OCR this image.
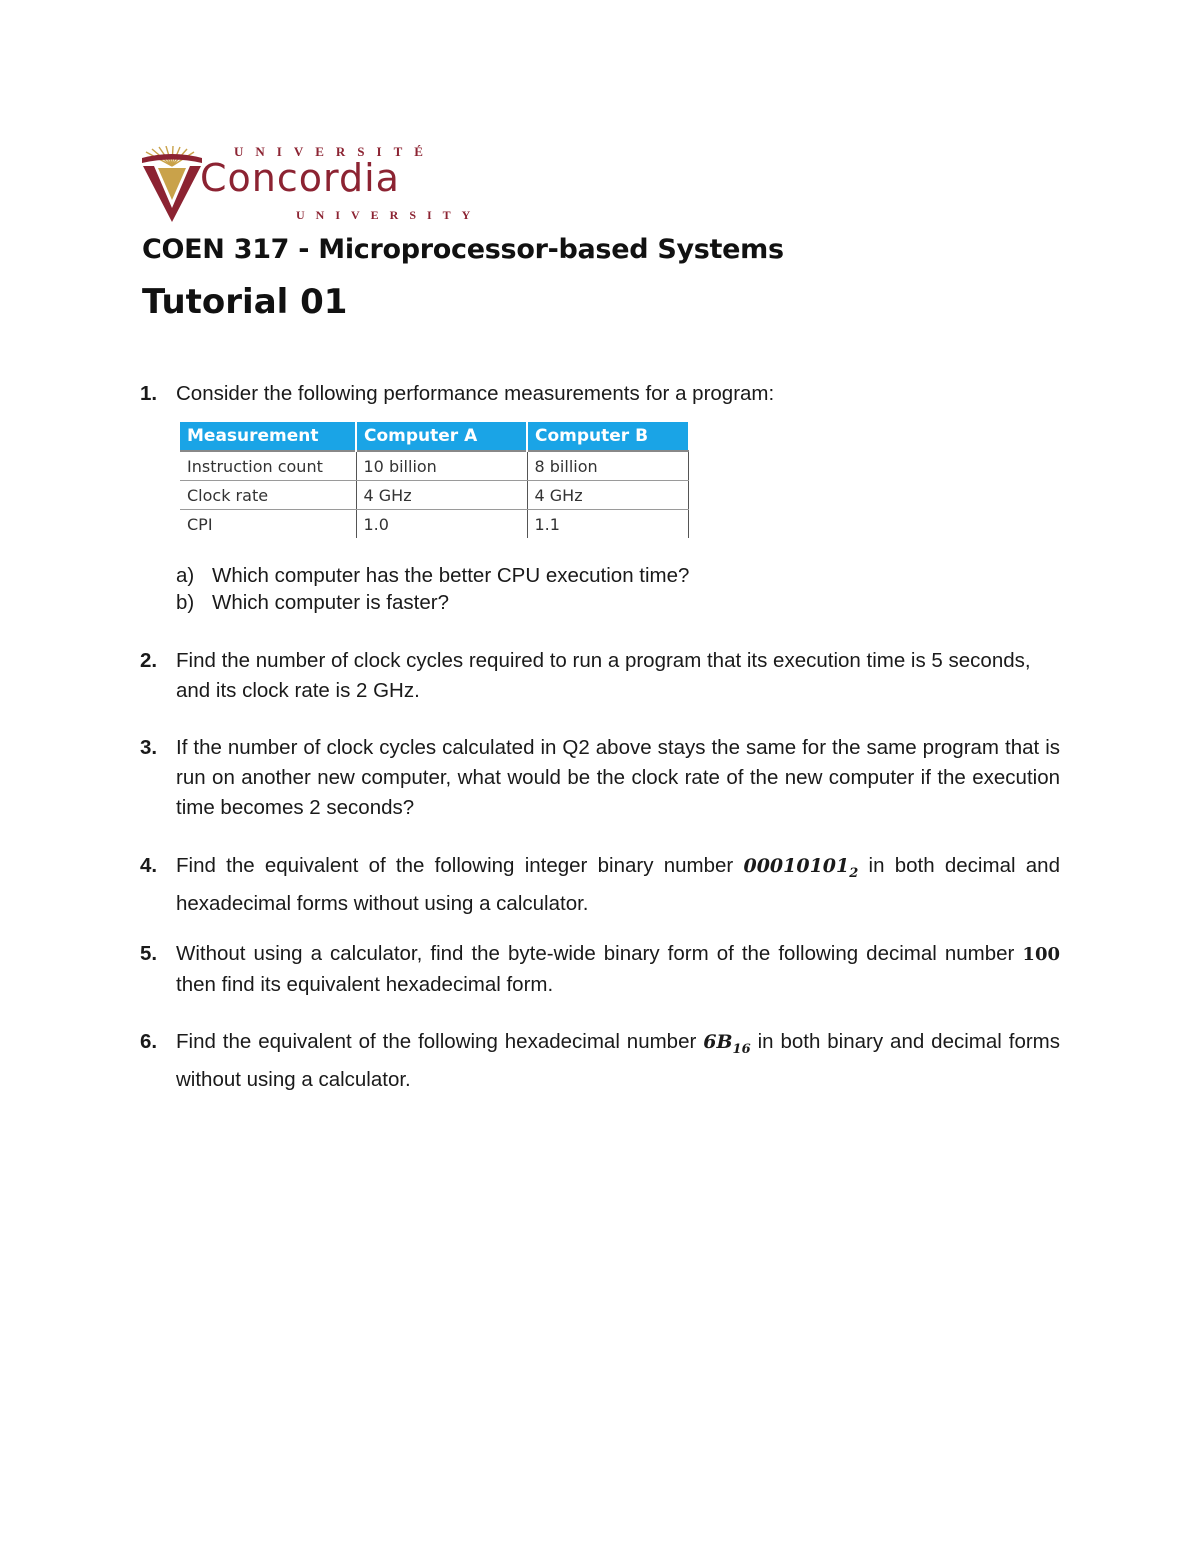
UNIVERSITÉ
Concordia
UNIVERSITY
COEN 317 - Microprocessor-based Systems
Tutorial 01
1. Consider the following performance measurements for a program:
Measurement	Computer A	Computer B
Instruction count	10 billion	8 billion
Clock rate	4 GHz	4 GHz
CPI	1.0	1.1
a) Which computer has the better CPU execution time?
b) Which computer is faster?
2. Find the number of clock cycles required to run a program that its execution time is 5 seconds, and its clock rate is 2 GHz.
3. If the number of clock cycles calculated in Q2 above stays the same for the same program that is run on another new computer, what would be the clock rate of the new computer if the execution time becomes 2 seconds?
4. Find the equivalent of the following integer binary number $00010101_2$ in both decimal and hexadecimal forms without using a calculator.
5. Without using a calculator, find the byte-wide binary form of the following decimal number 100 then find its equivalent hexadecimal form.
6. Find the equivalent of the following hexadecimal number $6B_{16}$ in both binary and decimal forms without using a calculator.
